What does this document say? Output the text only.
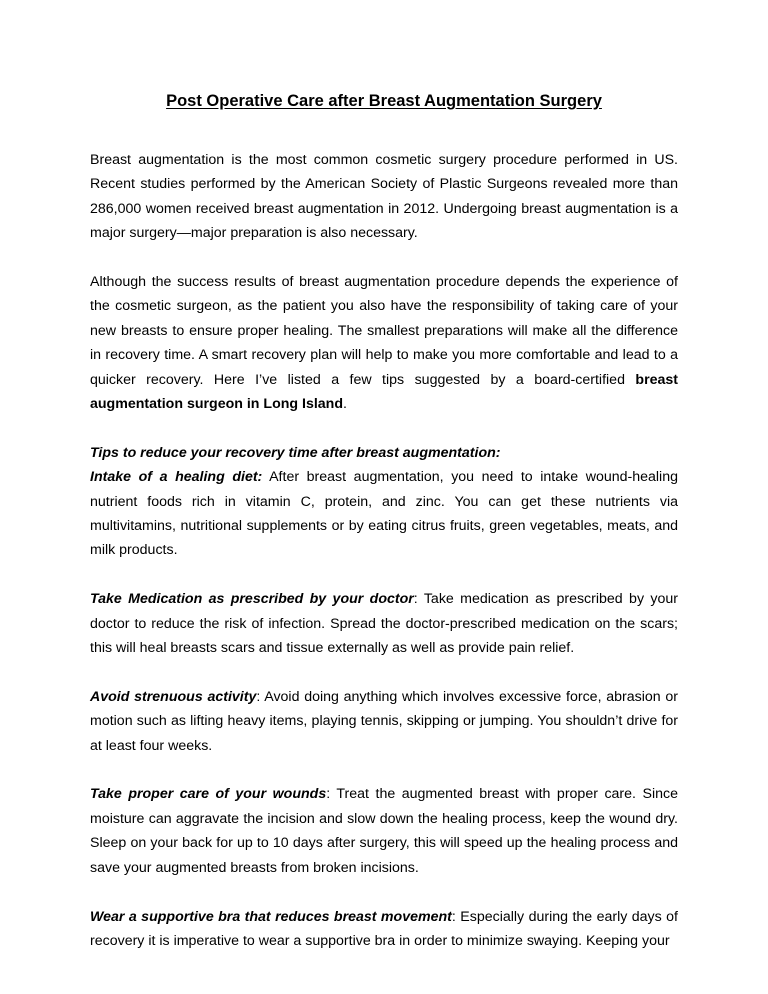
Post Operative Care after Breast Augmentation Surgery

Breast augmentation is the most common cosmetic surgery procedure performed in US. Recent studies performed by the American Society of Plastic Surgeons revealed more than 286,000 women received breast augmentation in 2012. Undergoing breast augmentation is a major surgery—major preparation is also necessary.

Although the success results of breast augmentation procedure depends the experience of the cosmetic surgeon, as the patient you also have the responsibility of taking care of your new breasts to ensure proper healing. The smallest preparations will make all the difference in recovery time. A smart recovery plan will help to make you more comfortable and lead to a quicker recovery. Here I’ve listed a few tips suggested by a board-certified breast augmentation surgeon in Long Island.

Tips to reduce your recovery time after breast augmentation:

Intake of a healing diet: After breast augmentation, you need to intake wound-healing nutrient foods rich in vitamin C, protein, and zinc. You can get these nutrients via multivitamins, nutritional supplements or by eating citrus fruits, green vegetables, meats, and milk products.

Take Medication as prescribed by your doctor: Take medication as prescribed by your doctor to reduce the risk of infection. Spread the doctor-prescribed medication on the scars; this will heal breasts scars and tissue externally as well as provide pain relief.

Avoid strenuous activity: Avoid doing anything which involves excessive force, abrasion or motion such as lifting heavy items, playing tennis, skipping or jumping. You shouldn’t drive for at least four weeks.

Take proper care of your wounds: Treat the augmented breast with proper care. Since moisture can aggravate the incision and slow down the healing process, keep the wound dry. Sleep on your back for up to 10 days after surgery, this will speed up the healing process and save your augmented breasts from broken incisions.

Wear a supportive bra that reduces breast movement: Especially during the early days of recovery it is imperative to wear a supportive bra in order to minimize swaying. Keeping your
